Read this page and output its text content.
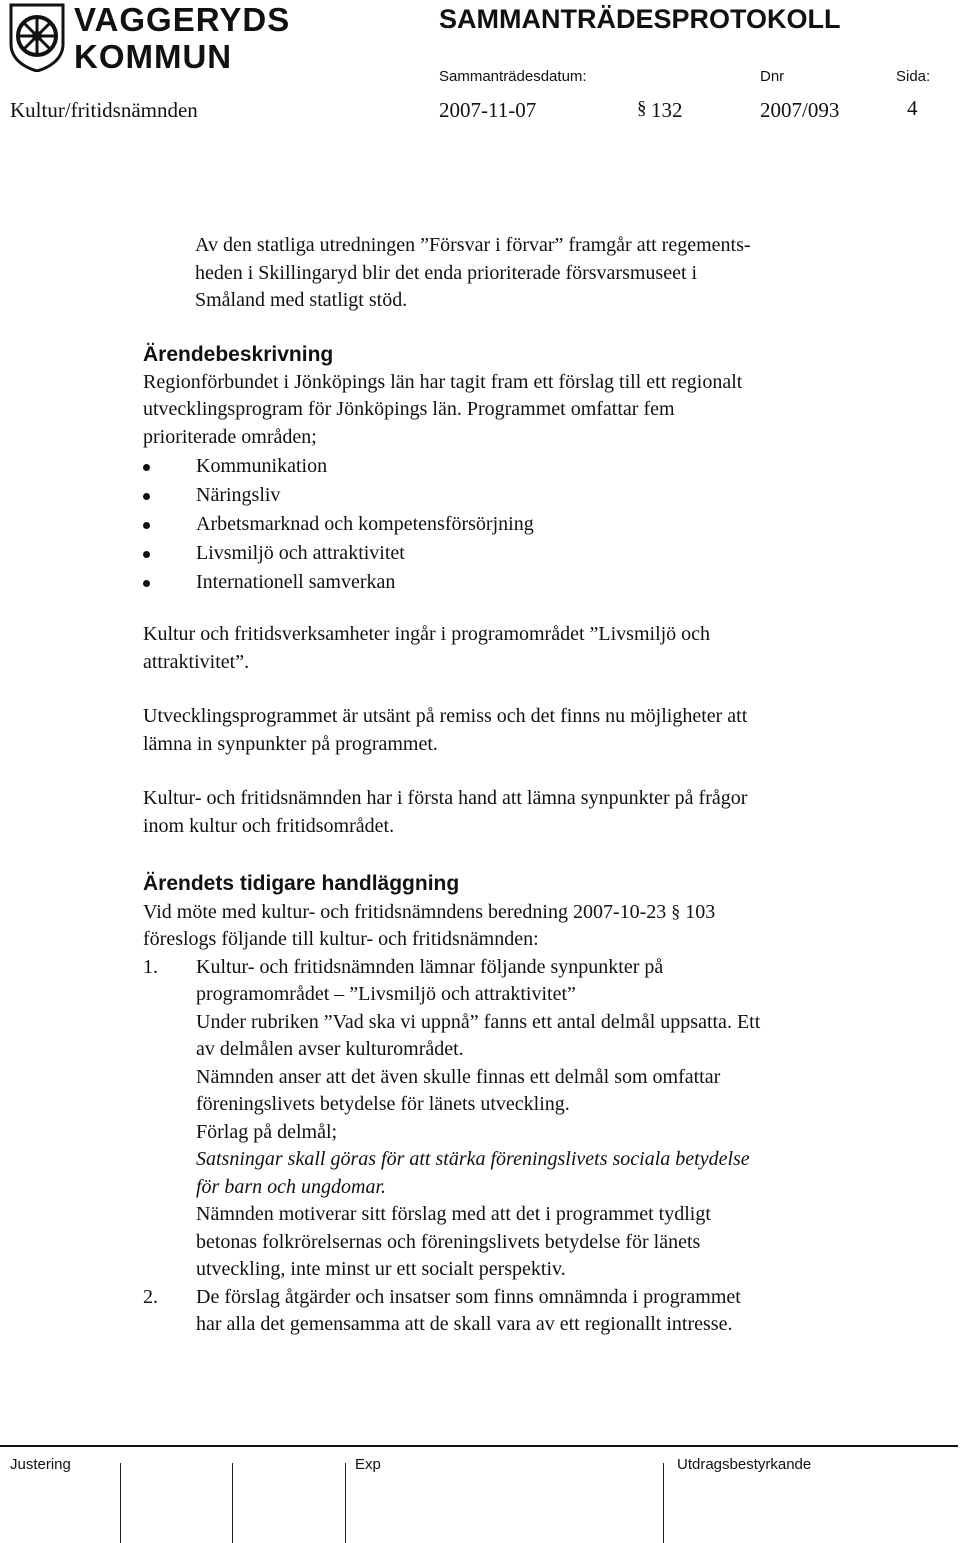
VAGGERYDS
KOMMUN
SAMMANTRÄDESPROTOKOLL
Sammanträdesdatum:	Dnr	Sida:
Kultur/fritidsnämnden	2007-11-07	§ 132	2007/093	4

Av den statliga utredningen ”Försvar i förvar” framgår att regements-

heden i Skillingaryd blir det enda prioriterade försvarsmuseet i

Småland med statligt stöd.

Ärendebeskrivning

Regionförbundet i Jönköpings län har tagit fram ett förslag till ett regionalt

utvecklingsprogram för Jönköpings län. Programmet omfattar fem

prioriterade områden;

Kommunikation
Näringsliv
Arbetsmarknad och kompetensförsörjning
Livsmiljö och attraktivitet
Internationell samverkan

Kultur och fritidsverksamheter ingår i programområdet ”Livsmiljö och

attraktivitet”.

Utvecklingsprogrammet är utsänt på remiss och det finns nu möjligheter att

lämna in synpunkter på programmet.

Kultur- och fritidsnämnden har i första hand att lämna synpunkter på frågor

inom kultur och fritidsområdet.

Ärendets tidigare handläggning

Vid möte med kultur- och fritidsnämndens beredning 2007-10-23 § 103

föreslogs följande till kultur- och fritidsnämnden:

1. Kultur- och fritidsnämnden lämnar följande synpunkter på

programområdet – ”Livsmiljö och attraktivitet”

Under rubriken ”Vad ska vi uppnå” fanns ett antal delmål uppsatta. Ett

av delmålen avser kulturområdet.

Nämnden anser att det även skulle finnas ett delmål som omfattar

föreningslivets betydelse för länets utveckling.

Förlag på delmål;

Satsningar skall göras för att stärka föreningslivets sociala betydelse

för barn och ungdomar.

Nämnden motiverar sitt förslag med att det i programmet tydligt

betonas folkrörelsernas och föreningslivets betydelse för länets

utveckling, inte minst ur ett socialt perspektiv.

2. De förslag åtgärder och insatser som finns omnämnda i programmet

har alla det gemensamma att de skall vara av ett regionallt intresse.

Justering	Exp	Utdragsbestyrkande
